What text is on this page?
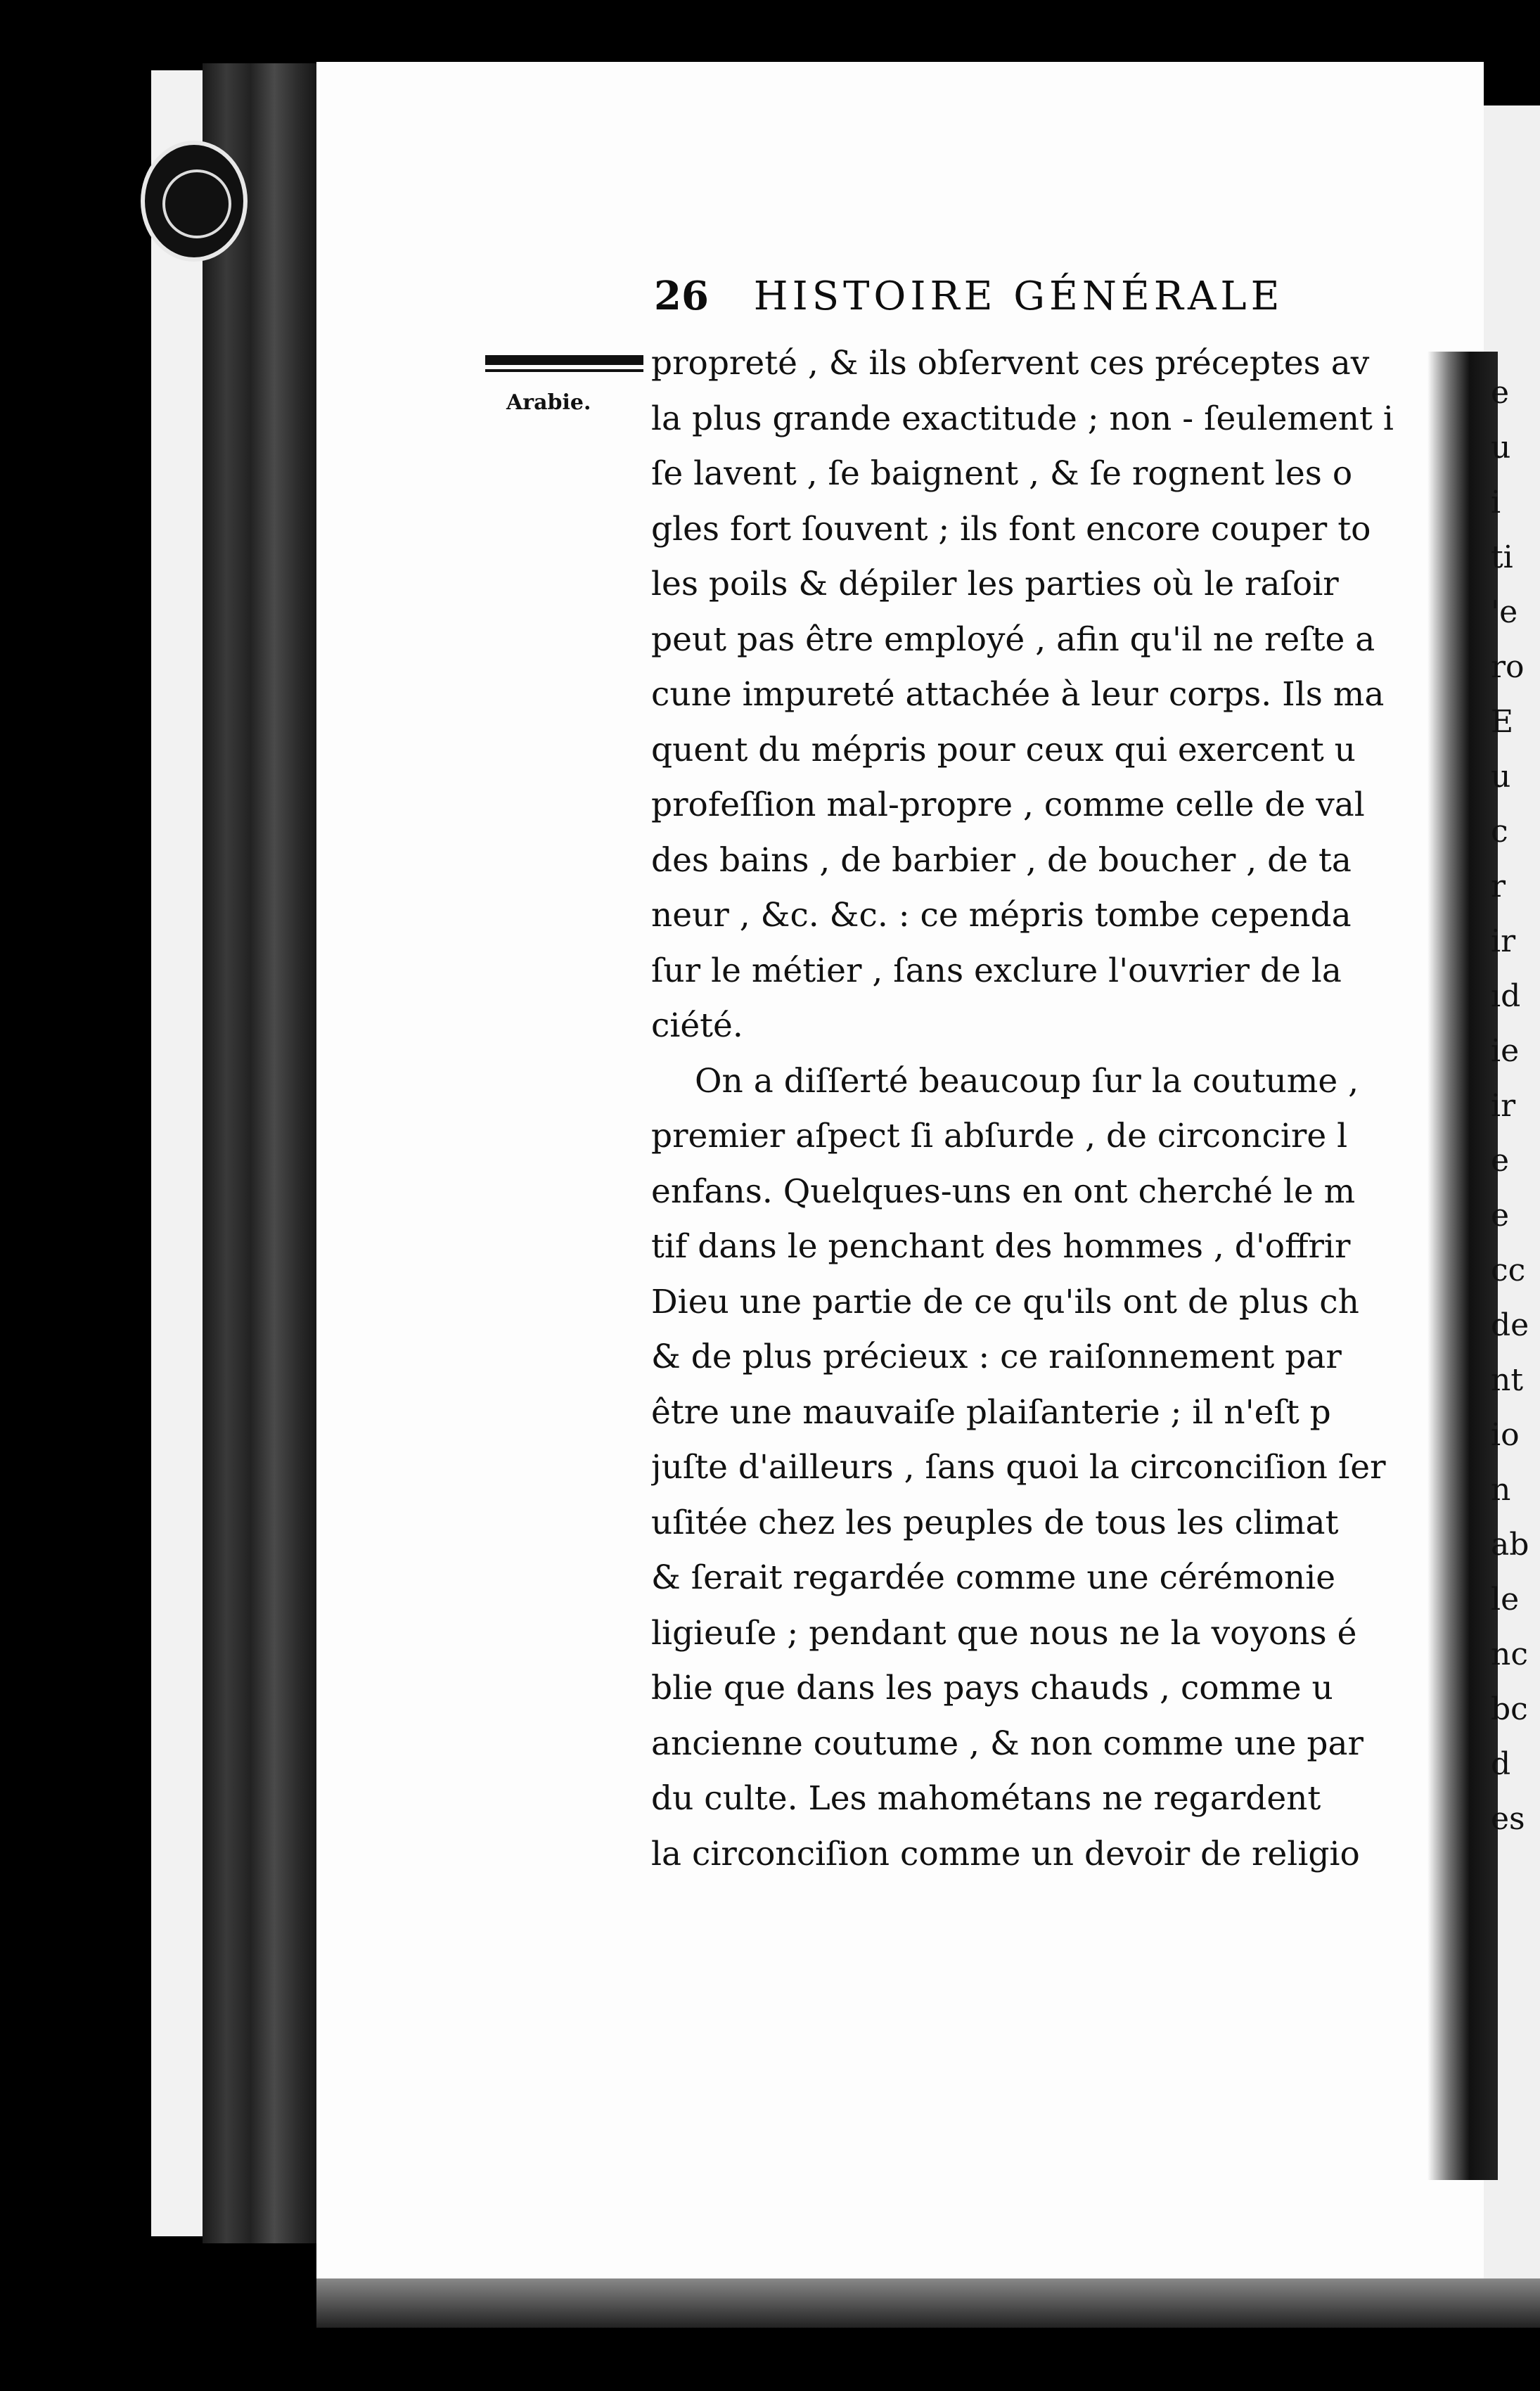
e
u
i
ti
'e
ro
E
u
c
r
ir
ıd
ie
ir
e
e
cc
de
nt
io
n
ab
le
nc
bc
d
es
26 HISTOIRE GÉNÉRALE
Arabie.
propreté , & ils obſervent ces préceptes av
la plus grande exactitude ; non - ſeulement i
ſe lavent , ſe baignent , & ſe rognent les o
gles fort ſouvent ; ils font encore couper to
les poils & dépiler les parties où le raſoir
peut pas être employé , afin qu'il ne reſte a
cune impureté attachée à leur corps. Ils ma
quent du mépris pour ceux qui exercent u
profeſſion mal-propre , comme celle de val
des bains , de barbier , de boucher , de ta
neur , &c. &c. : ce mépris tombe cependa
ſur le métier , ſans exclure l'ouvrier de la
ciété.
On a diſſerté beaucoup ſur la coutume ,
premier aſpect ſi abſurde , de circoncire l
enfans. Quelques-uns en ont cherché le m
tif dans le penchant des hommes , d'offrir
Dieu une partie de ce qu'ils ont de plus ch
& de plus précieux : ce raiſonnement par
être une mauvaiſe plaiſanterie ; il n'eſt p
juſte d'ailleurs , ſans quoi la circonciſion ſer
uſitée chez les peuples de tous les climat
& ſerait regardée comme une cérémonie
ligieuſe ; pendant que nous ne la voyons é
blie que dans les pays chauds , comme u
ancienne coutume , & non comme une par
du culte. Les mahométans ne regardent
la circonciſion comme un devoir de religio
